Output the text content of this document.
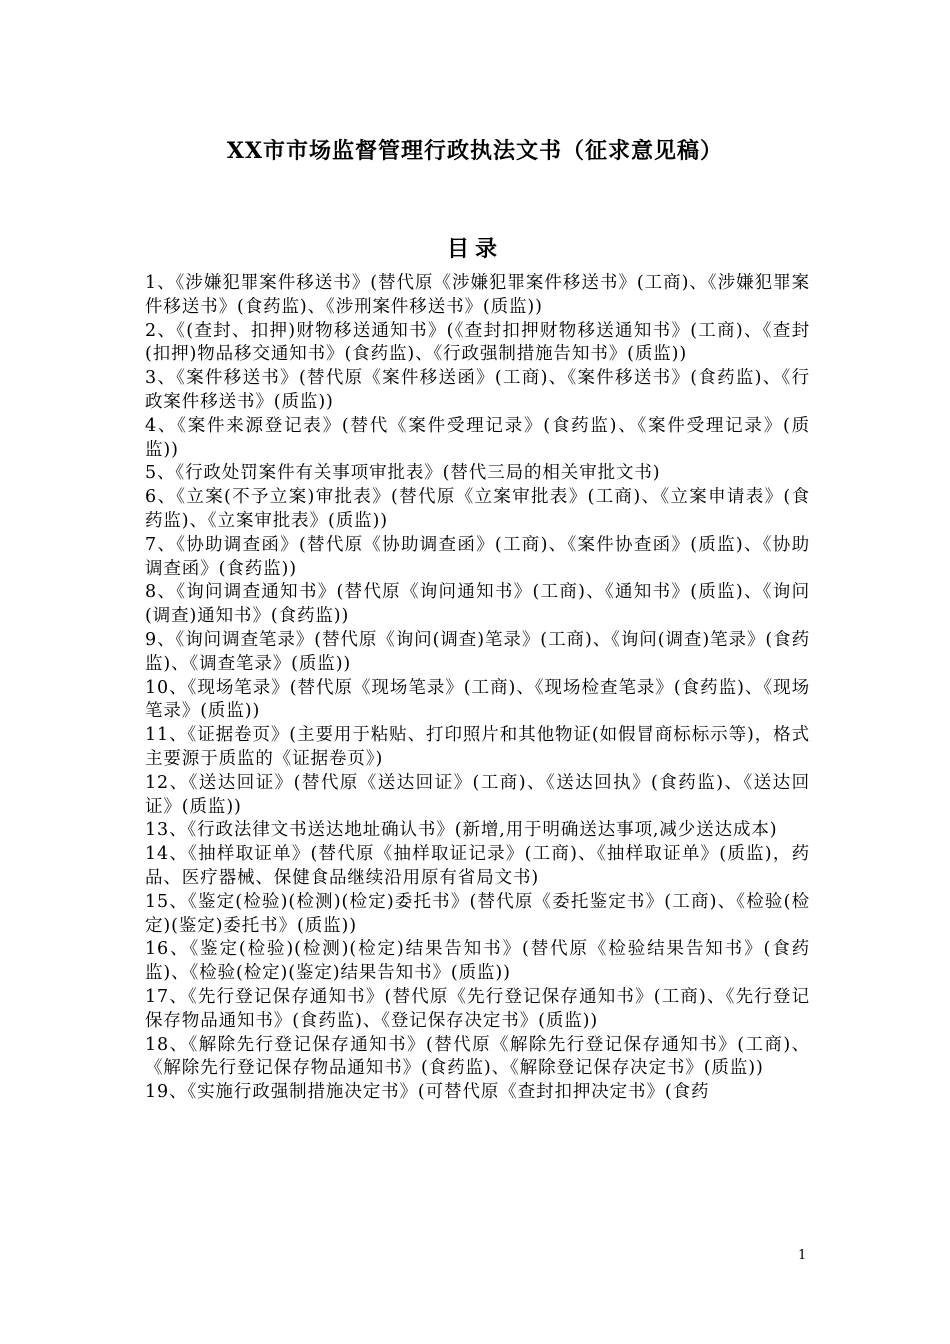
XX市市场监督管理行政执法文书（征求意见稿）
目录
1、《涉嫌犯罪案件移送书》(替代原《涉嫌犯罪案件移送书》(工商)、《涉嫌犯罪案件移送书》(食药监)、《涉刑案件移送书》(质监))
2、《(查封、扣押)财物移送通知书》(《查封扣押财物移送通知书》(工商)、《查封(扣押)物品移交通知书》(食药监)、《行政强制措施告知书》(质监))
3、《案件移送书》(替代原《案件移送函》(工商)、《案件移送书》(食药监)、《行政案件移送书》(质监))
4、《案件来源登记表》(替代《案件受理记录》(食药监)、《案件受理记录》(质监))
5、《行政处罚案件有关事项审批表》(替代三局的相关审批文书)
6、《立案(不予立案)审批表》(替代原《立案审批表》(工商)、《立案申请表》(食药监)、《立案审批表》(质监))
7、《协助调查函》(替代原《协助调查函》(工商)、《案件协查函》(质监)、《协助调查函》(食药监))
8、《询问调查通知书》(替代原《询问通知书》(工商)、《通知书》(质监)、《询问(调查)通知书》(食药监))
9、《询问调查笔录》(替代原《询问(调查)笔录》(工商)、《询问(调查)笔录》(食药监)、《调查笔录》(质监))
10、《现场笔录》(替代原《现场笔录》(工商)、《现场检查笔录》(食药监)、《现场笔录》(质监))
11、《证据卷页》(主要用于粘贴、打印照片和其他物证(如假冒商标标示等)，格式主要源于质监的《证据卷页》)
12、《送达回证》(替代原《送达回证》(工商)、《送达回执》(食药监)、《送达回证》(质监))
13、《行政法律文书送达地址确认书》(新增,用于明确送达事项,减少送达成本)
14、《抽样取证单》(替代原《抽样取证记录》(工商)、《抽样取证单》(质监)，药品、医疗器械、保健食品继续沿用原有省局文书)
15、《鉴定(检验)(检测)(检定)委托书》(替代原《委托鉴定书》(工商)、《检验(检定)(鉴定)委托书》(质监))
16、《鉴定(检验)(检测)(检定)结果告知书》(替代原《检验结果告知书》(食药监)、《检验(检定)(鉴定)结果告知书》(质监))
17、《先行登记保存通知书》(替代原《先行登记保存通知书》(工商)、《先行登记保存物品通知书》(食药监)、《登记保存决定书》(质监))
18、《解除先行登记保存通知书》(替代原《解除先行登记保存通知书》(工商)、《解除先行登记保存物品通知书》(食药监)、《解除登记保存决定书》(质监))
19、《实施行政强制措施决定书》(可替代原《查封扣押决定书》(食药

1
